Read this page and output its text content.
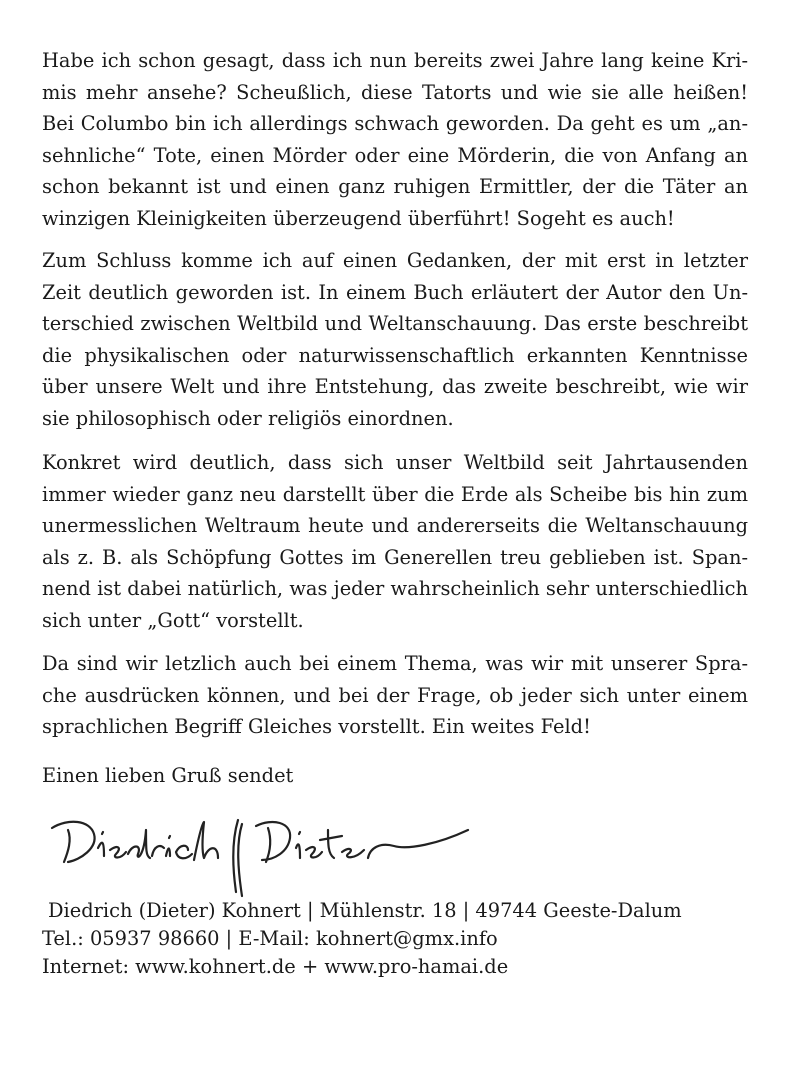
Habe ich schon gesagt, dass ich nun bereits zwei Jahre lang keine Krimis mehr ansehe? Scheußlich, diese Tatorts und wie sie alle heißen! Bei Columbo bin ich allerdings schwach geworden. Da geht es um „ansehnliche“ Tote, einen Mörder oder eine Mörderin, die von Anfang an schon bekannt ist und einen ganz ruhigen Ermittler, der die Täter an winzigen Kleinigkeiten überzeugend überführt! Sogeht es auch!

Zum Schluss komme ich auf einen Gedanken, der mit erst in letzter Zeit deutlich geworden ist. In einem Buch erläutert der Autor den Unterschied zwischen Weltbild und Weltanschauung. Das erste beschreibt die physikalischen oder naturwissenschaftlich erkannten Kenntnisse über unsere Welt und ihre Entstehung, das zweite beschreibt, wie wir sie philosophisch oder religiös einordnen.

Konkret wird deutlich, dass sich unser Weltbild seit Jahrtausenden immer wieder ganz neu darstellt über die Erde als Scheibe bis hin zum unermesslichen Weltraum heute und andererseits die Weltanschauung als z. B. als Schöpfung Gottes im Generellen treu geblieben ist. Spannend ist dabei natürlich, was jeder wahrscheinlich sehr unterschiedlich sich unter „Gott“ vorstellt.

Da sind wir letzlich auch bei einem Thema, was wir mit unserer Sprache ausdrücken können, und bei der Frage, ob jeder sich unter einem sprachlichen Begriff Gleiches vorstellt. Ein weites Feld!

Einen lieben Gruß sendet

Diedrich (Dieter) Kohnert | Mühlenstr. 18 | 49744 Geeste-Dalum
Tel.: 05937 98660 | E-Mail: kohnert@gmx.info
Internet: www.kohnert.de + www.pro-hamai.de
